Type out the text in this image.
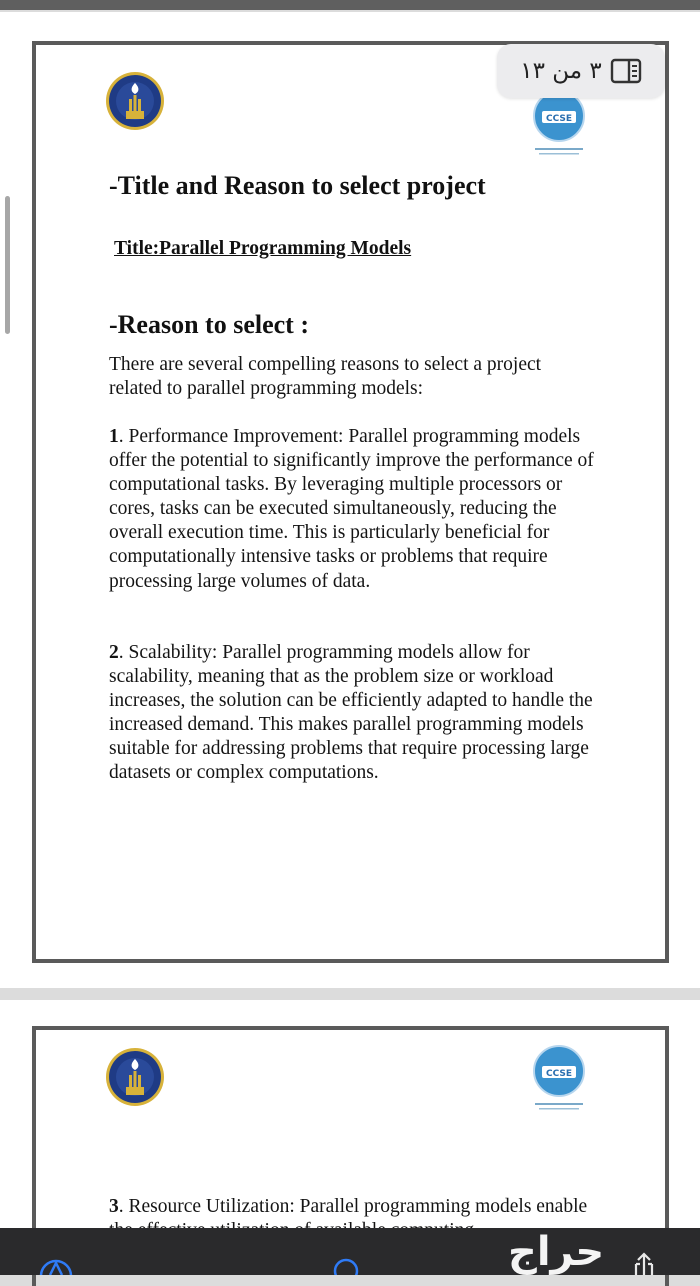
CCSE
-Title and Reason to select project
Title:Parallel Programming Models
-Reason to select :

There are several compelling reasons to select a project related to parallel programming models:

1. Performance Improvement: Parallel programming models offer the potential to significantly improve the performance of computational tasks. By leveraging multiple processors or cores, tasks can be executed simultaneously, reducing the overall execution time. This is particularly beneficial for computationally intensive tasks or problems that require processing large volumes of data.

2. Scalability: Parallel programming models allow for scalability, meaning that as the problem size or workload increases, the solution can be efficiently adapted to handle the increased demand. This makes parallel programming models suitable for addressing problems that require processing large datasets or complex computations.

٣ من ١٣
CCSE

3. Resource Utilization: Parallel programming models enable

حراج
